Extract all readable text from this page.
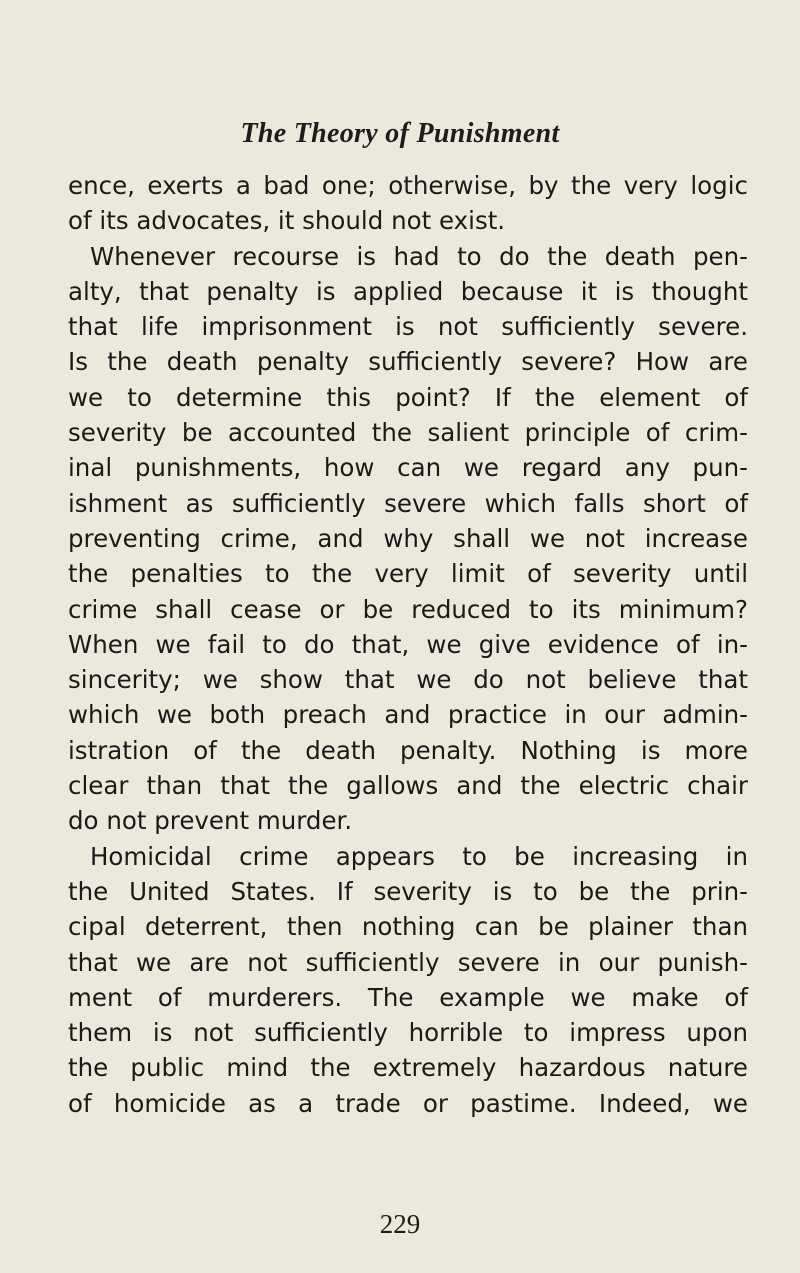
The Theory of Punishment
ence, exerts a bad one; otherwise, by the very logic
of its advocates, it should not exist.
Whenever recourse is had to do the death pen-
alty, that penalty is applied because it is thought
that life imprisonment is not sufficiently severe.
Is the death penalty sufficiently severe? How are
we to determine this point? If the element of
severity be accounted the salient principle of crim-
inal punishments, how can we regard any pun-
ishment as sufficiently severe which falls short of
preventing crime, and why shall we not increase
the penalties to the very limit of severity until
crime shall cease or be reduced to its minimum?
When we fail to do that, we give evidence of in-
sincerity; we show that we do not believe that
which we both preach and practice in our admin-
istration of the death penalty. Nothing is more
clear than that the gallows and the electric chair
do not prevent murder.
Homicidal crime appears to be increasing in
the United States. If severity is to be the prin-
cipal deterrent, then nothing can be plainer than
that we are not sufficiently severe in our punish-
ment of murderers. The example we make of
them is not sufficiently horrible to impress upon
the public mind the extremely hazardous nature
of homicide as a trade or pastime. Indeed, we

229
